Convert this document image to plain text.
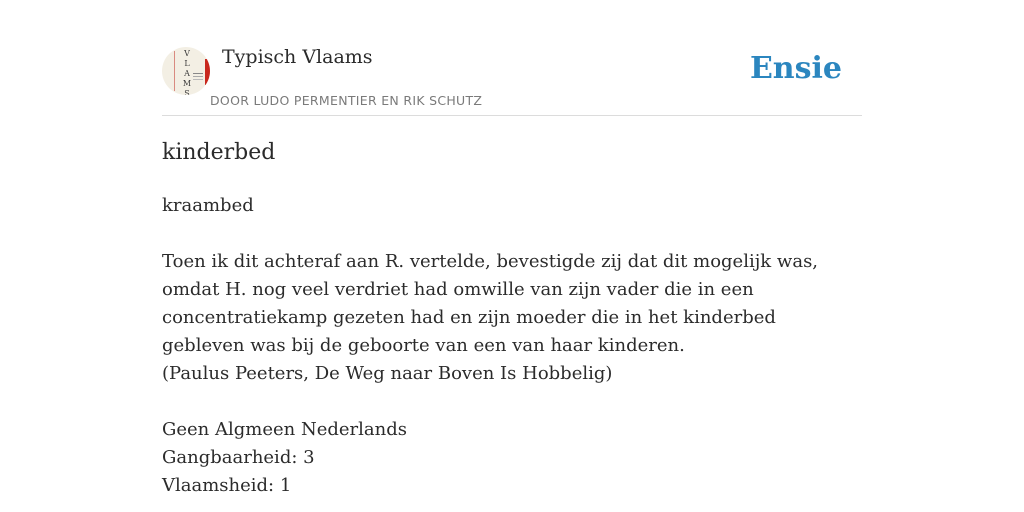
V
L
A
M
S
Typisch Vlaams
DOOR LUDO PERMENTIER EN RIK SCHUTZ
Ensie
kinderbed

kraambed

Toen ik dit achteraf aan R. vertelde, bevestigde zij dat dit mogelijk was, omdat H. nog veel verdriet had omwille van zijn vader die in een concentratiekamp gezeten had en zijn moeder die in het kinderbed gebleven was bij de geboorte van een van haar kinderen.

(Paulus Peeters, De Weg naar Boven Is Hobbelig)

Geen Algmeen Nederlands

Gangbaarheid: 3

Vlaamsheid: 1
